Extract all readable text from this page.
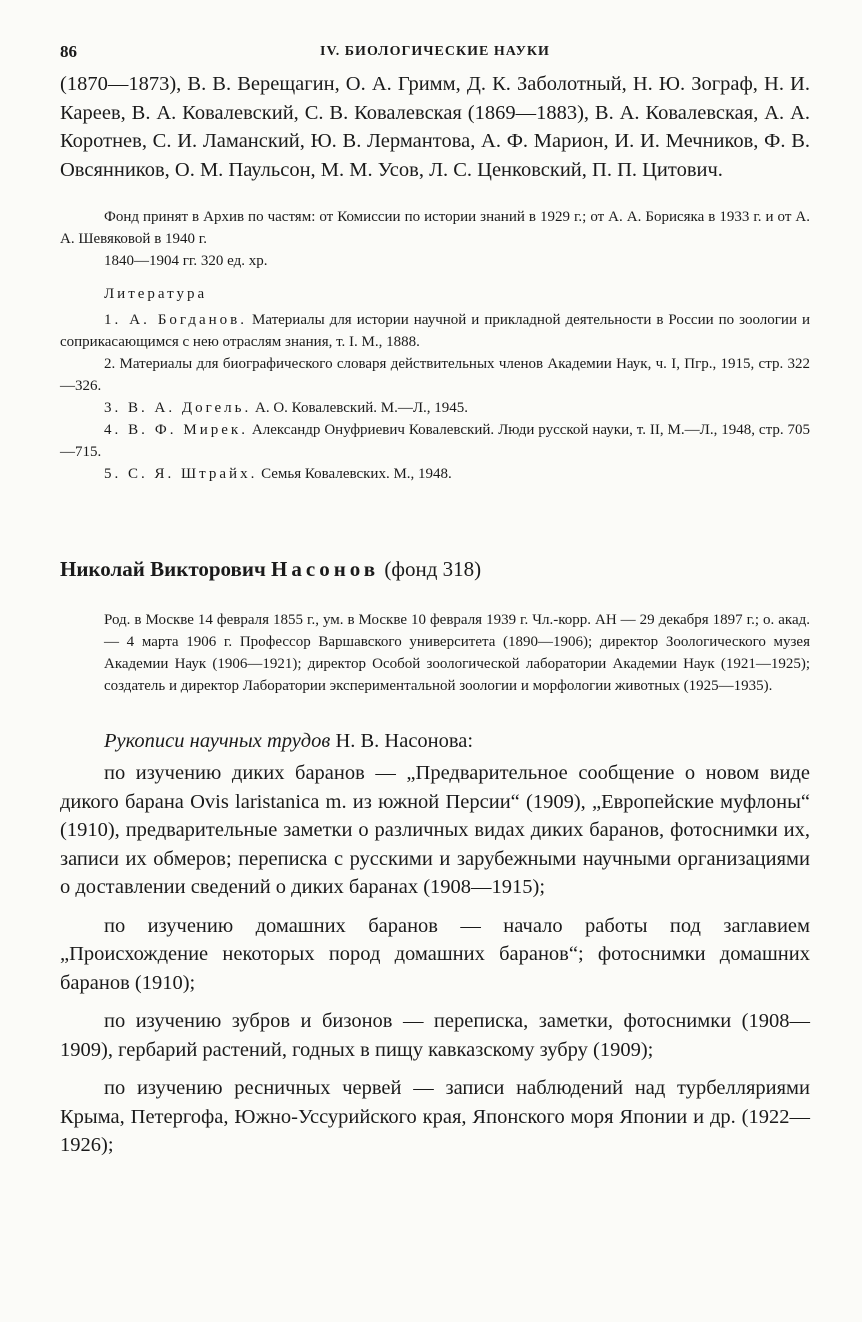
86	IV. БИОЛОГИЧЕСКИЕ НАУКИ

(1870—1873), В. В. Верещагин, О. А. Гримм, Д. К. Заболотный, Н. Ю. Зограф, Н. И. Кареев, В. А. Ковалевский, С. В. Ковалевская (1869—1883), В. А. Ковалевская, А. А. Коротнев, С. И. Ламанский, Ю. В. Лермантова, А. Ф. Марион, И. И. Мечников, Ф. В. Овсянников, О. М. Паульсон, М. М. Усов, Л. С. Ценковский, П. П. Цитович.

Фонд принят в Архив по частям: от Комиссии по истории знаний в 1929 г.; от А. А. Борисяка в 1933 г. и от А. А. Шевяковой в 1940 г.

1840—1904 гг. 320 ед. хр.

Литература

1. А. Богданов. Материалы для истории научной и прикладной деятельности в России по зоологии и соприкасающимся с нею отраслям знания, т. I. М., 1888.

2. Материалы для биографического словаря действительных членов Академии Наук, ч. I, Пгр., 1915, стр. 322—326.

3. В. А. Догель. А. О. Ковалевский. М.—Л., 1945.

4. В. Ф. Мирек. Александр Онуфриевич Ковалевский. Люди русской науки, т. II, М.—Л., 1948, стр. 705—715.

5. С. Я. Штрайх. Семья Ковалевских. М., 1948.

Николай Викторович Насонов (фонд 318)

Род. в Москве 14 февраля 1855 г., ум. в Москве 10 февраля 1939 г. Чл.-корр. АН — 29 декабря 1897 г.; о. акад. — 4 марта 1906 г. Профессор Варшавского университета (1890—1906); директор Зоологического музея Академии Наук (1906—1921); директор Особой зоологической лаборатории Академии Наук (1921—1925); создатель и директор Лаборатории экспериментальной зоологии и морфологии животных (1925—1935).

Рукописи научных трудов Н. В. Насонова:

по изучению диких баранов — „Предварительное сообщение о новом виде дикого барана Ovis laristanica m. из южной Персии“ (1909), „Европейские муфлоны“ (1910), предварительные заметки о различных видах диких баранов, фотоснимки их, записи их обмеров; переписка с русскими и зарубежными научными организациями о доставлении сведений о диких баранах (1908—1915);

по изучению домашних баранов — начало работы под заглавием „Происхождение некоторых пород домашних баранов“; фотоснимки домашних баранов (1910);

по изучению зубров и бизонов — переписка, заметки, фотоснимки (1908—1909), гербарий растений, годных в пищу кавказскому зубру (1909);

по изучению ресничных червей — записи наблюдений над турбелляриями Крыма, Петергофа, Южно-Уссурийского края, Японского моря Японии и др. (1922—1926);
